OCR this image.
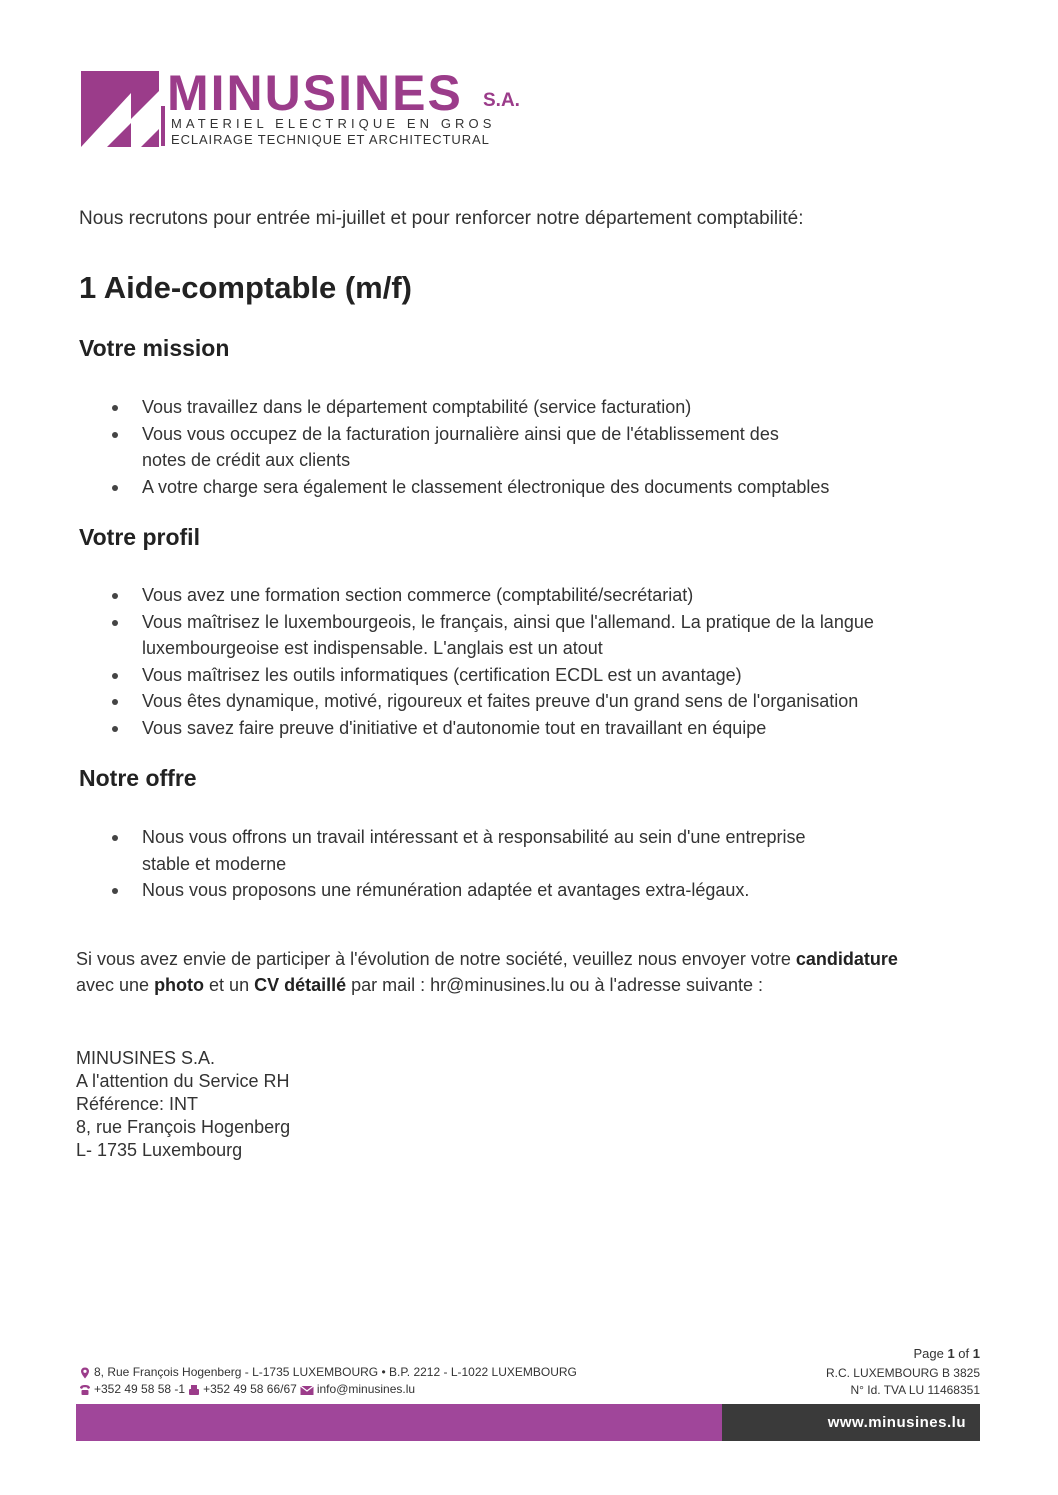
MINUSINES S.A.
MATERIEL ELECTRIQUE EN GROS
ECLAIRAGE TECHNIQUE ET ARCHITECTURAL
Nous recrutons pour entrée mi-juillet et pour renforcer notre département comptabilité:
1 Aide-comptable (m/f)
Votre mission
Vous travaillez dans le département comptabilité (service facturation)
Vous vous occupez de la facturation journalière ainsi que de l'établissement des
notes de crédit aux clients
A votre charge sera également le classement électronique des documents comptables
Votre profil
Vous avez une formation section commerce (comptabilité/secrétariat)
Vous maîtrisez le luxembourgeois, le français, ainsi que l'allemand. La pratique de la langue
luxembourgeoise est indispensable. L'anglais est un atout
Vous maîtrisez les outils informatiques (certification ECDL est un avantage)
Vous êtes dynamique, motivé, rigoureux et faites preuve d'un grand sens de l'organisation
Vous savez faire preuve d'initiative et d'autonomie tout en travaillant en équipe
Notre offre
Nous vous offrons un travail intéressant et à responsabilité au sein d'une entreprise
stable et moderne
Nous vous proposons une rémunération adaptée et avantages extra-légaux.
Si vous avez envie de participer à l'évolution de notre société, veuillez nous envoyer votre candidature
avec une photo et un CV détaillé par mail : hr@minusines.lu ou à l'adresse suivante :
MINUSINES S.A.
A l'attention du Service RH
Référence: INT
8, rue François Hogenberg
L- 1735 Luxembourg
8, Rue François Hogenberg - L-1735 LUXEMBOURG • B.P. 2212 - L-1022 LUXEMBOURG
+352 49 58 58 -1 +352 49 58 66/67 info@minusines.lu
Page 1 of 1
R.C. LUXEMBOURG B 3825
N° Id. TVA LU 11468351
www.minusines.lu
